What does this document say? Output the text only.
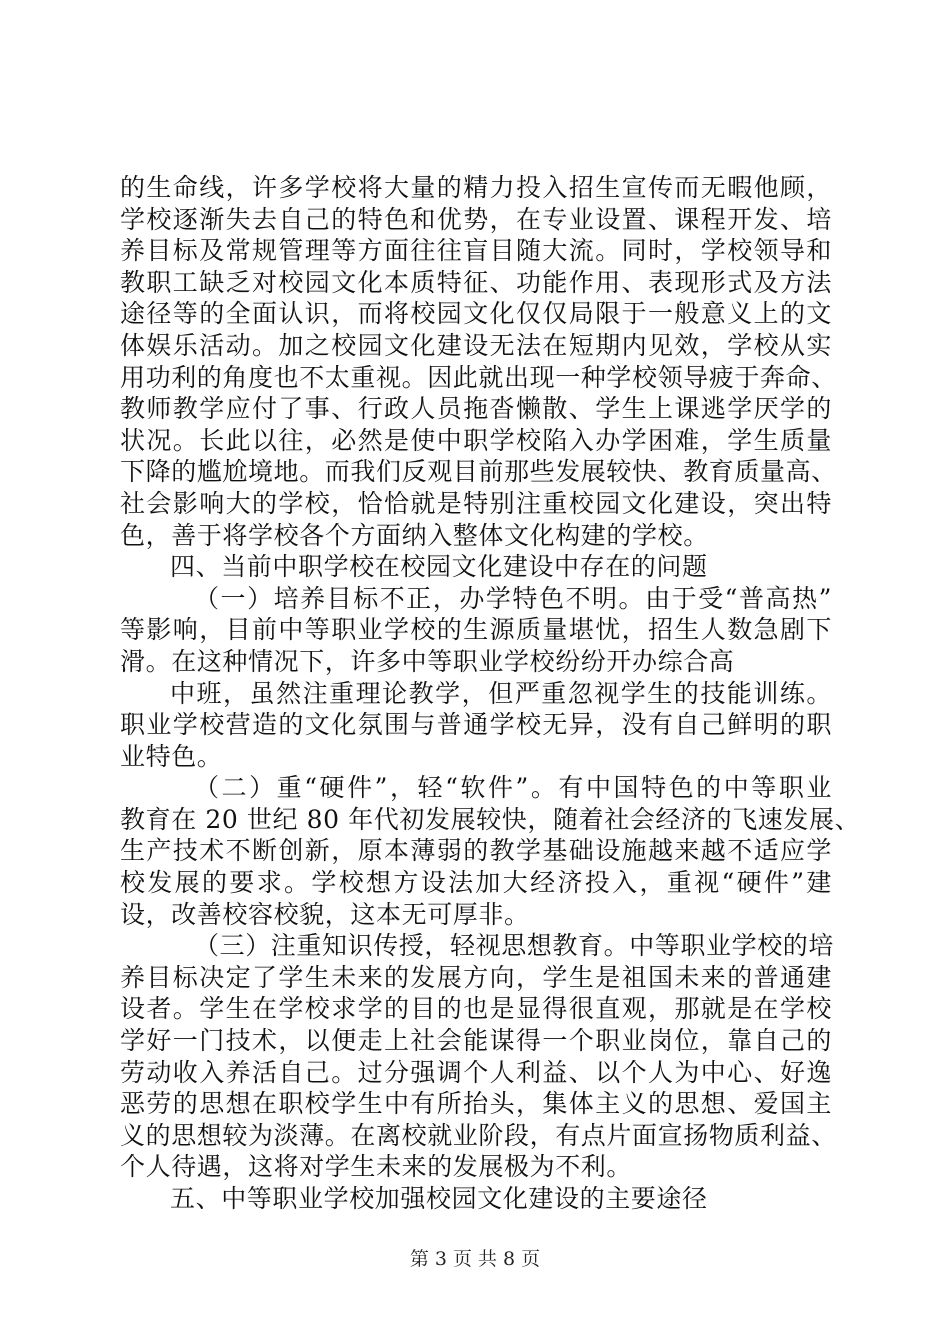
的生命线，许多学校将大量的精力投入招生宣传而无暇他顾，
学校逐渐失去自己的特色和优势，在专业设置、课程开发、培
养目标及常规管理等方面往往盲目随大流。同时，学校领导和
教职工缺乏对校园文化本质特征、功能作用、表现形式及方法
途径等的全面认识，而将校园文化仅仅局限于一般意义上的文
体娱乐活动。加之校园文化建设无法在短期内见效，学校从实
用功利的角度也不太重视。因此就出现一种学校领导疲于奔命、
教师教学应付了事、行政人员拖沓懒散、学生上课逃学厌学的
状况。长此以往，必然是使中职学校陷入办学困难，学生质量
下降的尴尬境地。而我们反观目前那些发展较快、教育质量高、
社会影响大的学校，恰恰就是特别注重校园文化建设，突出特
色，善于将学校各个方面纳入整体文化构建的学校。
四、当前中职学校在校园文化建设中存在的问题
（一）培养目标不正，办学特色不明。由于受“普高热”
等影响，目前中等职业学校的生源质量堪忧，招生人数急剧下
滑。在这种情况下，许多中等职业学校纷纷开办综合高
中班，虽然注重理论教学，但严重忽视学生的技能训练。
职业学校营造的文化氛围与普通学校无异，没有自己鲜明的职
业特色。
（二）重“硬件”，轻“软件”。有中国特色的中等职业
教育在 20 世纪 80 年代初发展较快，随着社会经济的飞速发展、
生产技术不断创新，原本薄弱的教学基础设施越来越不适应学
校发展的要求。学校想方设法加大经济投入，重视“硬件”建
设，改善校容校貌，这本无可厚非。
（三）注重知识传授，轻视思想教育。中等职业学校的培
养目标决定了学生未来的发展方向，学生是祖国未来的普通建
设者。学生在学校求学的目的也是显得很直观，那就是在学校
学好一门技术，以便走上社会能谋得一个职业岗位，靠自己的
劳动收入养活自己。过分强调个人利益、以个人为中心、好逸
恶劳的思想在职校学生中有所抬头，集体主义的思想、爱国主
义的思想较为淡薄。在离校就业阶段，有点片面宣扬物质利益、
个人待遇，这将对学生未来的发展极为不利。
五、中等职业学校加强校园文化建设的主要途径
第 3 页 共 8 页
